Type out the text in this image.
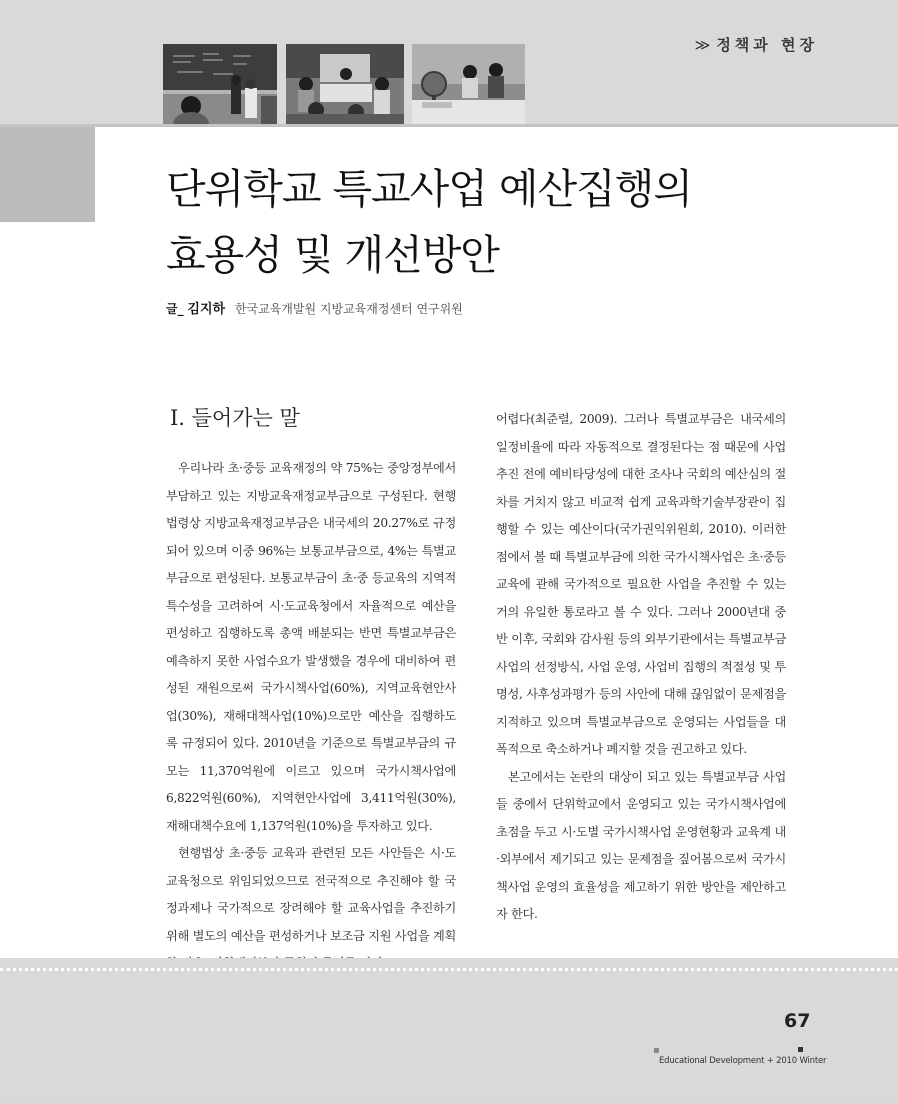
≫ 정책과 현장
단위학교 특교사업 예산집행의
효용성 및 개선방안
글_ 김지하 한국교육개발원 지방교육재정센터 연구위원
Ⅰ. 들어가는 말

우리나라 초·중등 교육재정의 약 75%는 중앙정부에서 부담하고 있는 지방교육재정교부금으로 구성된다. 현행 법령상 지방교육재정교부금은 내국세의 20.27%로 규정되어 있으며 이중 96%는 보통교부금으로, 4%는 특별교부금으로 편성된다. 보통교부금이 초·중 등교육의 지역적 특수성을 고려하여 시·도교육청에서 자율적으로 예산을 편성하고 집행하도록 총액 배분되는 반면 특별교부금은 예측하지 못한 사업수요가 발생했을 경우에 대비하여 편성된 재원으로써 국가시책사업(60%), 지역교육현안사업(30%), 재해대책사업(10%)으로만 예산을 집행하도록 규정되어 있다. 2010년을 기준으로 특별교부금의 규모는 11,370억원에 이르고 있으며 국가시책사업에 6,822억원(60%), 지역현안사업에 3,411억원(30%), 재해대책수요에 1,137억원(10%)을 투자하고 있다.

현행법상 초·중등 교육과 관련된 모든 사안들은 시·도교육청으로 위임되었으므로 전국적으로 추진해야 할 국정과제나 국가적으로 장려해야 할 교육사업을 추진하기 위해 별도의 예산을 편성하거나 보조금 지원 사업을 계획

어렵다(최준렬, 2009). 그러나 특별교부금은 내국세의 일정비율에 따라 자동적으로 결정된다는 점 때문에 사업추진 전에 예비타당성에 대한 조사나 국회의 예산심의 절차를 거치지 않고 비교적 쉽게 교육과학기술부장관이 집행할 수 있는 예산이다(국가권익위원회, 2010). 이러한 점에서 볼 때 특별교부금에 의한 국가시책사업은 초·중등 교육에 관해 국가적으로 필요한 사업을 추진할 수 있는 거의 유일한 통로라고 볼 수 있다. 그러나 2000년대 중반 이후, 국회와 감사원 등의 외부기관에서는 특별교부금 사업의 선정방식, 사업 운영, 사업비 집행의 적절성 및 투명성, 사후성과평가 등의 사안에 대해 끊임없이 문제점을 지적하고 있으며 특별교부금으로 운영되는 사업들을 대폭적으로 축소하거나 폐지할 것을 권고하고 있다.

본고에서는 논란의 대상이 되고 있는 특별교부금 사업들 중에서 단위학교에서 운영되고 있는 국가시책사업에 초점을 두고 시·도별 국가시책사업 운영현황과 교육계 내·외부에서 제기되고 있는 문제점을 짚어봄으로써 국가시책사업 운영의 효율성을 제고하기 위한 방안을 제안하고자 한다.

67
Educational Development + 2010 Winter
